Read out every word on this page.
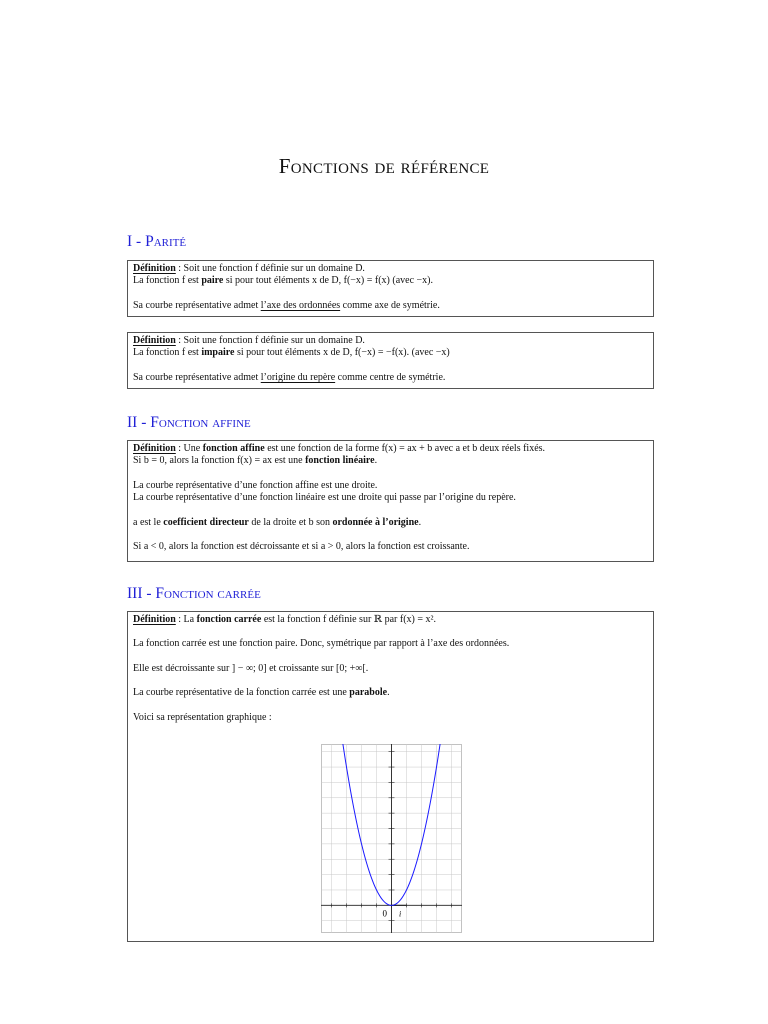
Fonctions de référence
I - Parité

Définition : Soit une fonction f définie sur un domaine D.

La fonction f est paire si pour tout éléments x de D, f(−x) = f(x) (avec −x).

Sa courbe représentative admet l’axe des ordonnées comme axe de symétrie.

Définition : Soit une fonction f définie sur un domaine D.

La fonction f est impaire si pour tout éléments x de D, f(−x) = −f(x). (avec −x)

Sa courbe représentative admet l’origine du repère comme centre de symétrie.

II - Fonction affine

Définition : Une fonction affine est une fonction de la forme f(x) = ax + b avec a et b deux réels fixés.

Si b = 0, alors la fonction f(x) = ax est une fonction linéaire.

La courbe représentative d’une fonction affine est une droite.

La courbe représentative d’une fonction linéaire est une droite qui passe par l’origine du repère.

a est le coefficient directeur de la droite et b son ordonnée à l’origine.

Si a < 0, alors la fonction est décroissante et si a > 0, alors la fonction est croissante.

III - Fonction carrée

Définition : La fonction carrée est la fonction f définie sur ℝ par f(x) = x².

La fonction carrée est une fonction paire. Donc, symétrique par rapport à l’axe des ordonnées.

Elle est décroissante sur ] − ∞; 0] et croissante sur [0; +∞[.

La courbe représentative de la fonction carrée est une parabole.

Voici sa représentation graphique :

0 i
